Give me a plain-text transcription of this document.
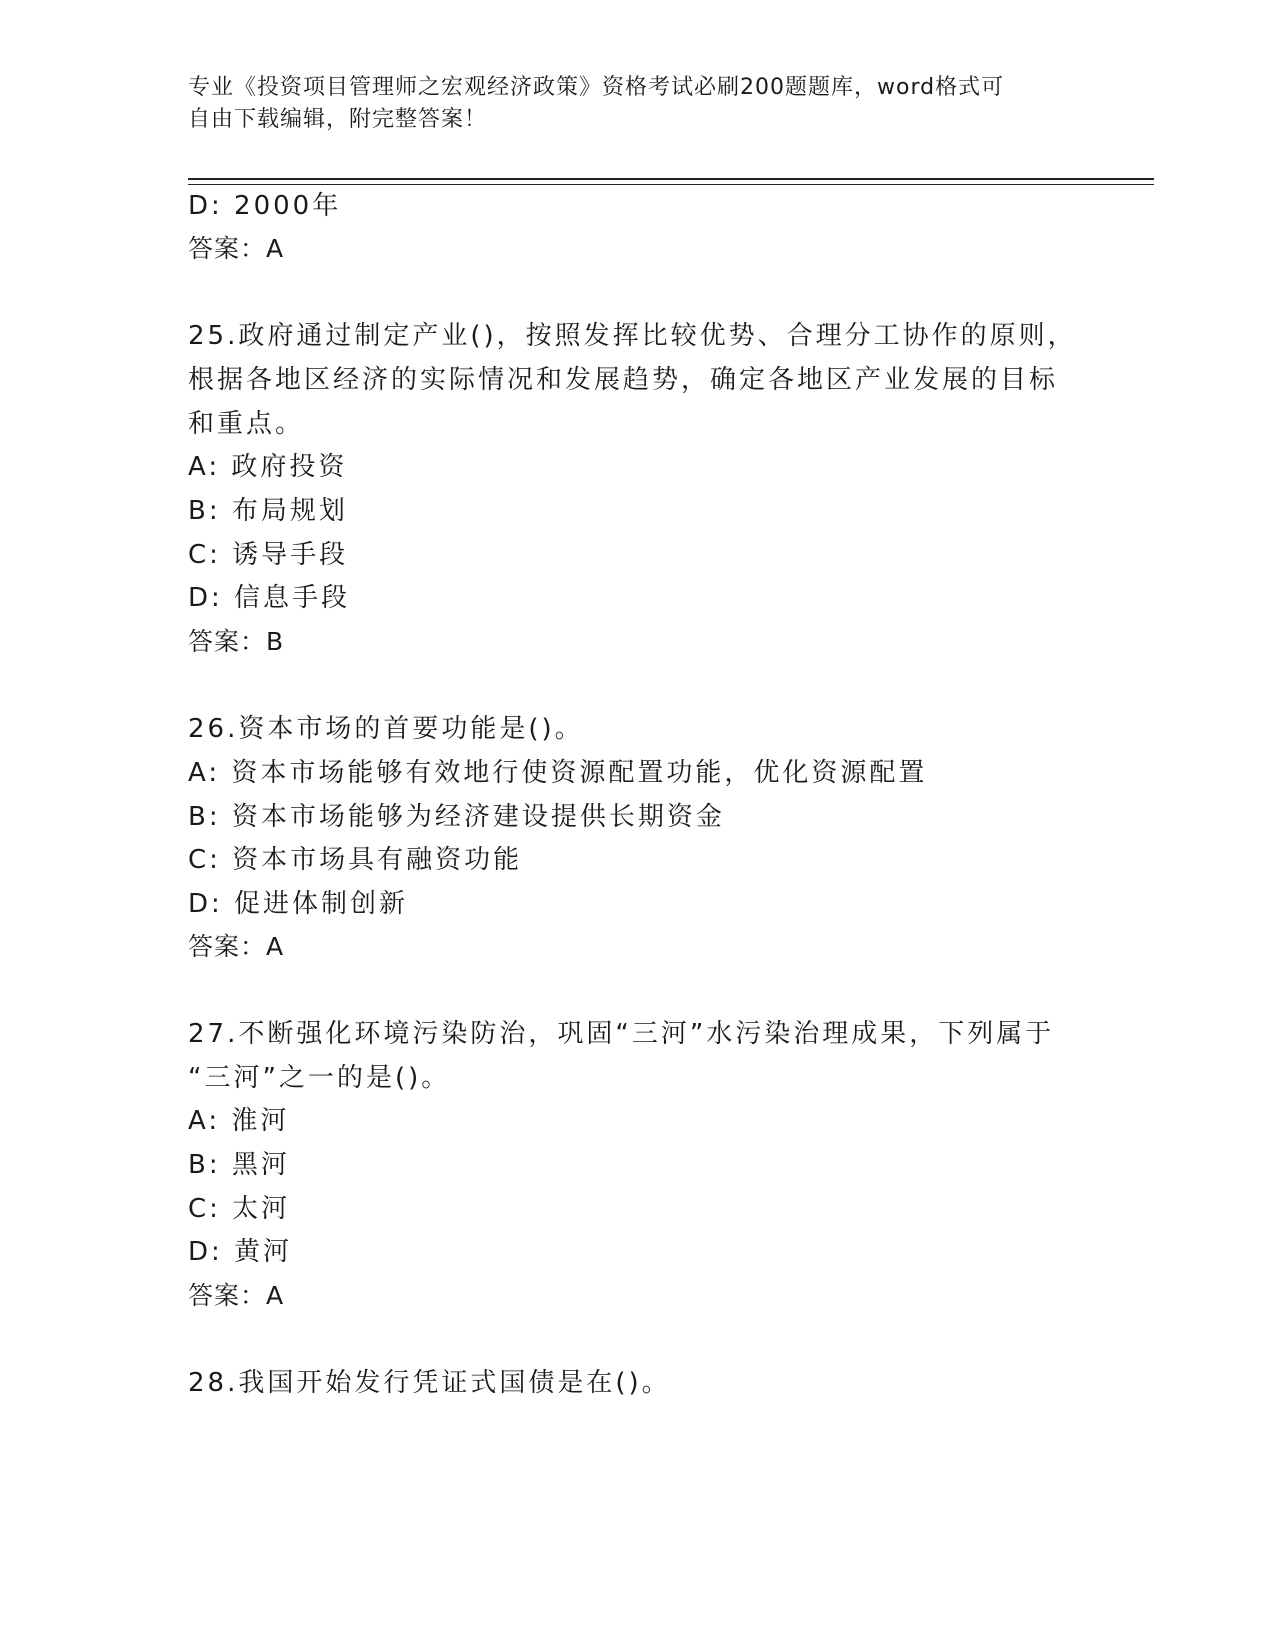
专业《投资项目管理师之宏观经济政策》资格考试必刷200题题库，word格式可
自由下载编辑，附完整答案！
D: 2000年
答案：A
25.政府通过制定产业()，按照发挥比较优势、合理分工协作的原则，
根据各地区经济的实际情况和发展趋势，确定各地区产业发展的目标
和重点。
A: 政府投资
B: 布局规划
C: 诱导手段
D: 信息手段
答案：B
26.资本市场的首要功能是()。
A: 资本市场能够有效地行使资源配置功能，优化资源配置
B: 资本市场能够为经济建设提供长期资金
C: 资本市场具有融资功能
D: 促进体制创新
答案：A
27.不断强化环境污染防治，巩固“三河”水污染治理成果，下列属于
“三河”之一的是()。
A: 淮河
B: 黑河
C: 太河
D: 黄河
答案：A
28.我国开始发行凭证式国债是在()。
